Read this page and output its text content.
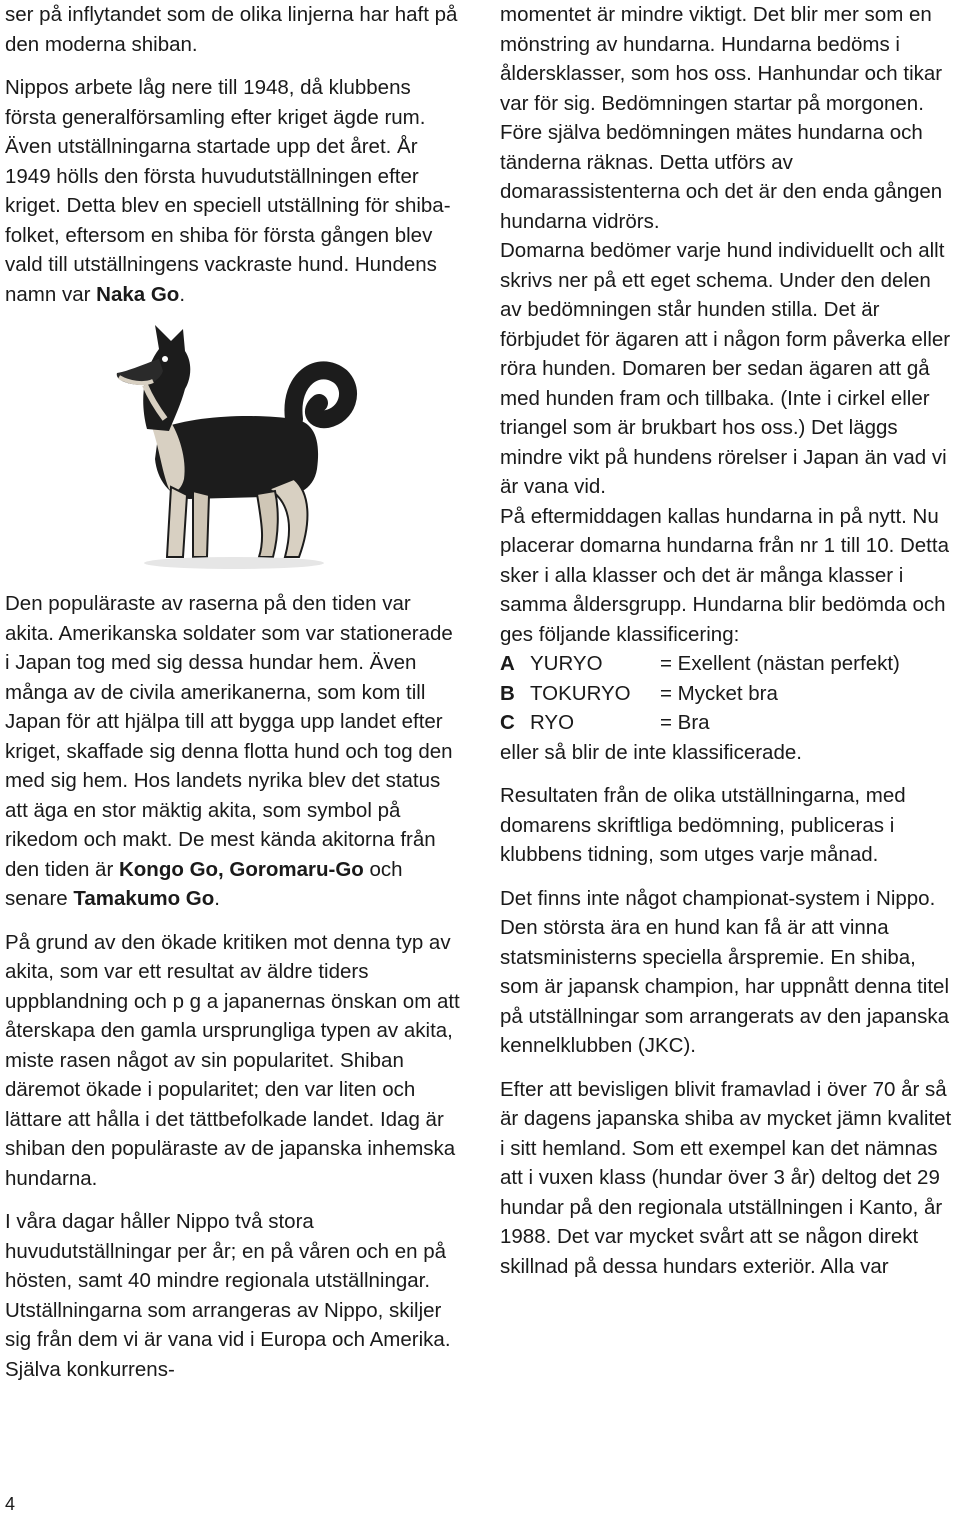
ser på inflytandet som de olika linjerna har haft på den moderna shiban.

Nippos arbete låg nere till 1948, då klubbens första generalförsamling efter kriget ägde rum. Även utställningarna startade upp det året. År 1949 hölls den första huvudutställningen efter kriget. Detta blev en speciell utställning för shiba-folket, eftersom en shiba för första gången blev vald till utställningens vackraste hund. Hundens namn var Naka Go.

Den populäraste av raserna på den tiden var akita. Amerikanska soldater som var stationerade i Japan tog med sig dessa hundar hem. Även många av de civila amerikanerna, som kom till Japan för att hjälpa till att bygga upp landet efter kriget, skaffade sig denna flotta hund och tog den med sig hem. Hos landets nyrika blev det status att äga en stor mäktig akita, som symbol på rikedom och makt. De mest kända akitorna från den tiden är Kongo Go, Goromaru-Go och senare Tamakumo Go.

På grund av den ökade kritiken mot denna typ av akita, som var ett resultat av äldre tiders uppblandning och p g a japanernas önskan om att återskapa den gamla ursprungliga typen av akita, miste rasen något av sin popularitet. Shiban däremot ökade i popularitet; den var liten och lättare att hålla i det tättbefolkade landet. Idag är shiban den populäraste av de japanska inhemska hundarna.

I våra dagar håller Nippo två stora huvudutställningar per år; en på våren och en på hösten, samt 40 mindre regionala utställningar. Utställningarna som arrangeras av Nippo, skiljer sig från dem vi är vana vid i Europa och Amerika. Själva konkurrens-

momentet är mindre viktigt. Det blir mer som en mönstring av hundarna. Hundarna bedöms i åldersklasser, som hos oss. Hanhundar och tikar var för sig. Bedömningen startar på morgonen. Före själva bedömningen mätes hundarna och tänderna räknas. Detta utförs av domarassistenterna och det är den enda gången hundarna vidrörs.

Domarna bedömer varje hund individuellt och allt skrivs ner på ett eget schema. Under den delen av bedömningen står hunden stilla. Det är förbjudet för ägaren att i någon form påverka eller röra hunden. Domaren ber sedan ägaren att gå med hunden fram och tillbaka. (Inte i cirkel eller triangel som är brukbart hos oss.) Det läggs mindre vikt på hundens rörelser i Japan än vad vi är vana vid.

På eftermiddagen kallas hundarna in på nytt. Nu placerar domarna hundarna från nr 1 till 10. Detta sker i alla klasser och det är många klasser i samma åldersgrupp. Hundarna blir bedömda och ges följande klassificering:

A YURYO	= Exellent (nästan perfekt)
B TOKURYO	= Mycket bra
C RYO	= Bra

eller så blir de inte klassificerade.

Resultaten från de olika utställningarna, med domarens skriftliga bedömning, publiceras i klubbens tidning, som utges varje månad.

Det finns inte något championat-system i Nippo. Den största ära en hund kan få är att vinna statsministerns speciella årspremie. En shiba, som är japansk champion, har uppnått denna titel på utställningar som arrangerats av den japanska kennelklubben (JKC).

Efter att bevisligen blivit framavlad i över 70 år så är dagens japanska shiba av mycket jämn kvalitet i sitt hemland. Som ett exempel kan det nämnas att i vuxen klass (hundar över 3 år) deltog det 29 hundar på den regionala utställningen i Kanto, år 1988. Det var mycket svårt att se någon direkt skillnad på dessa hundars exteriör. Alla var

4
